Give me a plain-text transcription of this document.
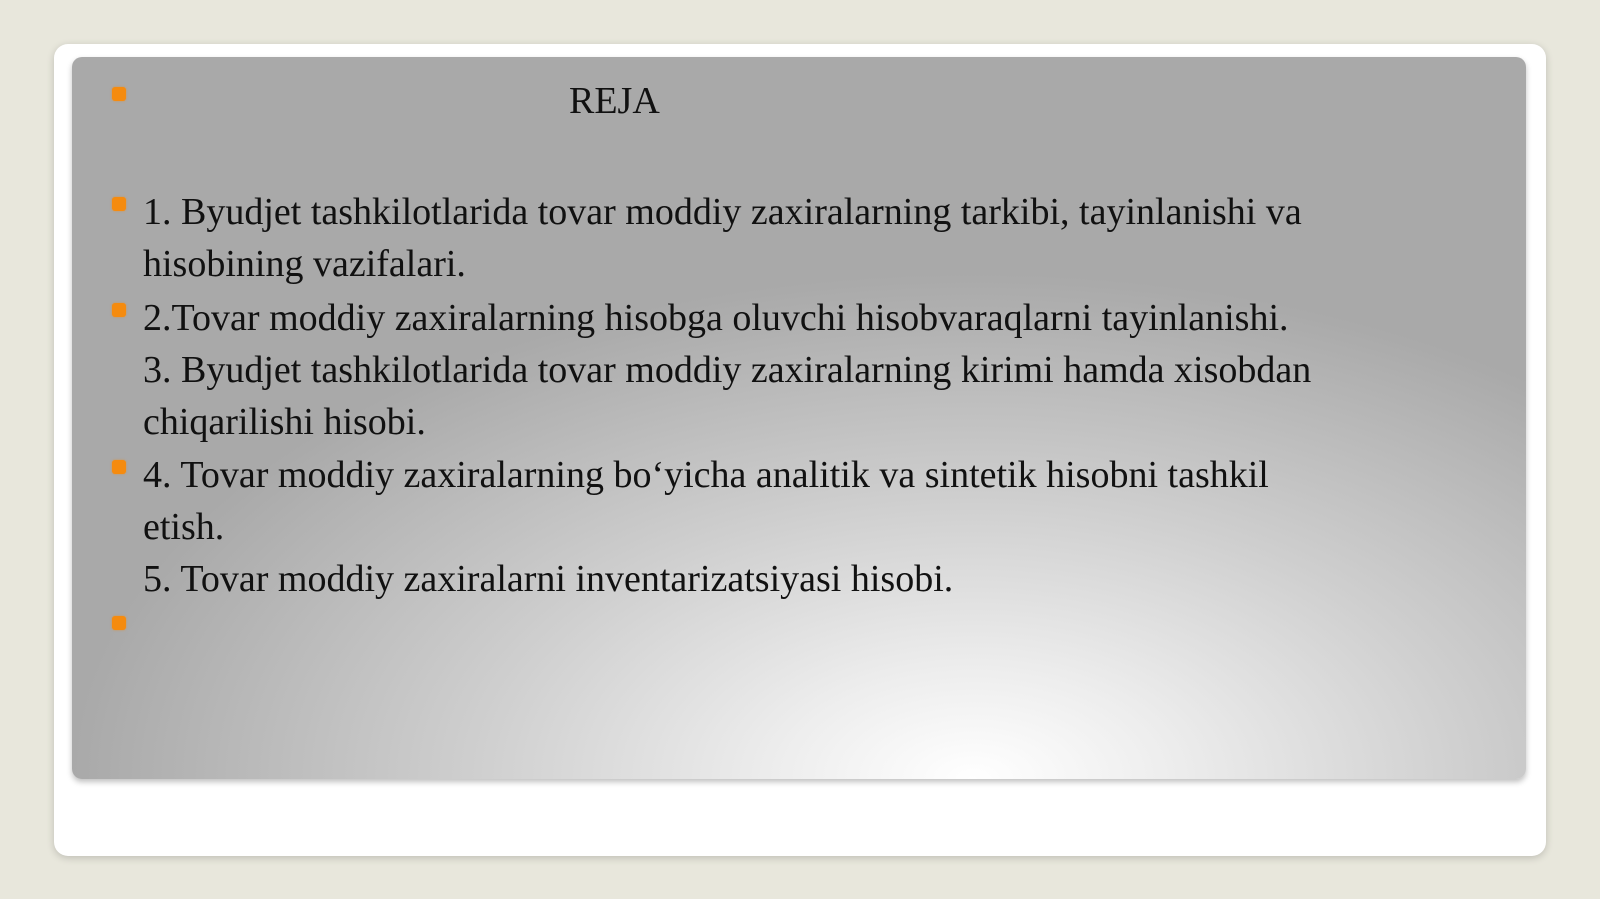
REJA

1. Byudjet tashkilotlarida tovar moddiy zaxiralarning tarkibi, tayinlanishi va
hisobining vazifalari.

2.Tovar moddiy zaxiralarning hisobga oluvchi hisobvaraqlarni tayinlanishi.
3. Byudjet tashkilotlarida tovar moddiy zaxiralarning kirimi hamda xisobdan
chiqarilishi hisobi.

4. Tovar moddiy zaxiralarning bo‘yicha analitik va sintetik hisobni tashkil
etish.
5. Tovar moddiy zaxiralarni inventarizatsiyasi hisobi.
